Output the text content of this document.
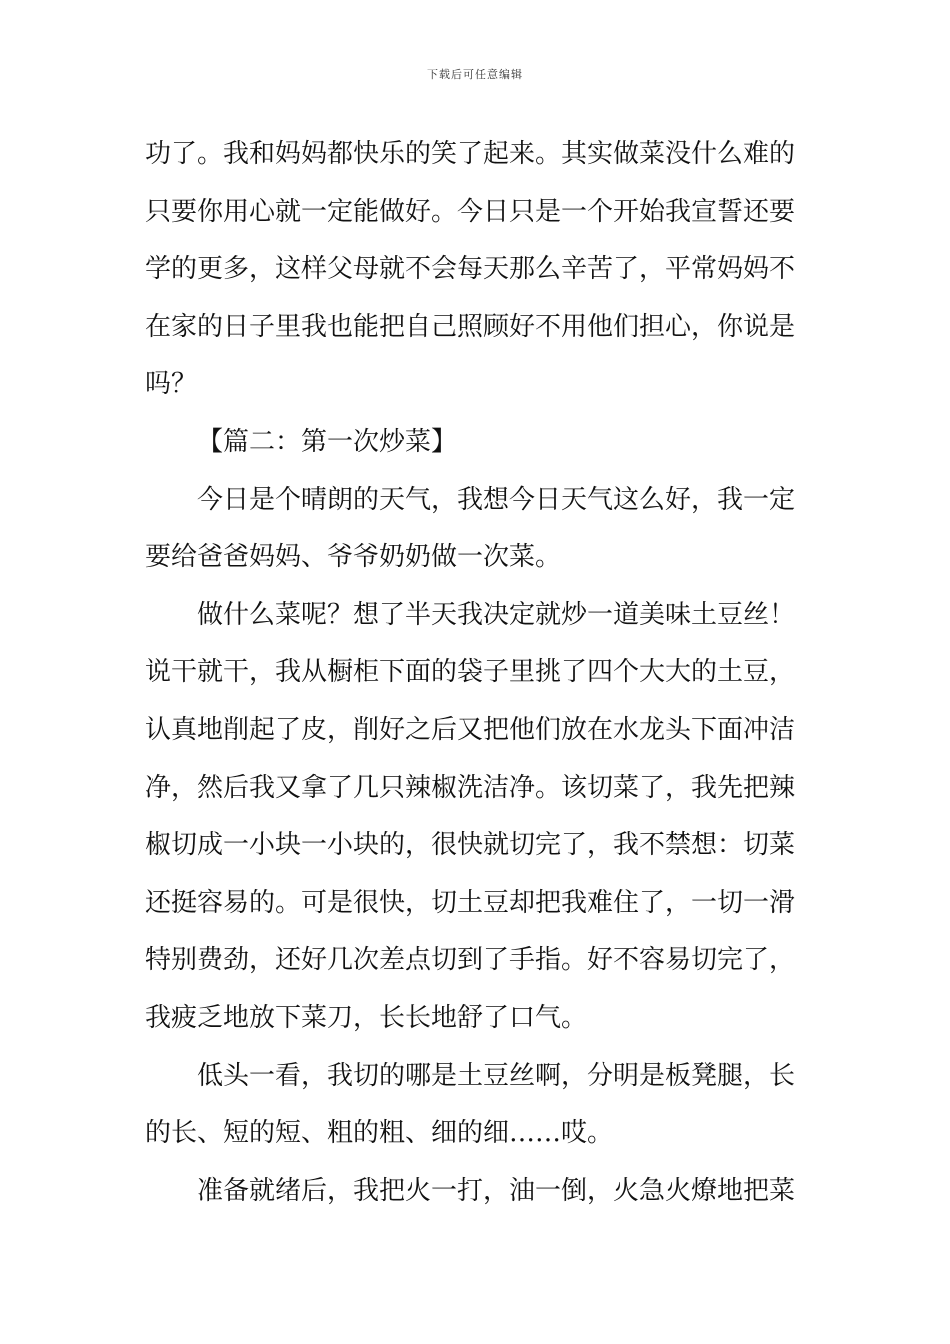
下载后可任意编辑
功了。我和妈妈都快乐的笑了起来。其实做菜没什么难的
只要你用心就一定能做好。今日只是一个开始我宣誓还要
学的更多，这样父母就不会每天那么辛苦了，平常妈妈不
在家的日子里我也能把自己照顾好不用他们担心，你说是
吗？
【篇二：第一次炒菜】
今日是个晴朗的天气，我想今日天气这么好，我一定
要给爸爸妈妈、爷爷奶奶做一次菜。
做什么菜呢？想了半天我决定就炒一道美味土豆丝！
说干就干，我从橱柜下面的袋子里挑了四个大大的土豆，
认真地削起了皮，削好之后又把他们放在水龙头下面冲洁
净，然后我又拿了几只辣椒洗洁净。该切菜了，我先把辣
椒切成一小块一小块的，很快就切完了，我不禁想：切菜
还挺容易的。可是很快，切土豆却把我难住了，一切一滑
特别费劲，还好几次差点切到了手指。好不容易切完了，
我疲乏地放下菜刀，长长地舒了口气。
低头一看，我切的哪是土豆丝啊，分明是板凳腿，长
的长、短的短、粗的粗、细的细……哎。
准备就绪后，我把火一打，油一倒，火急火燎地把菜
